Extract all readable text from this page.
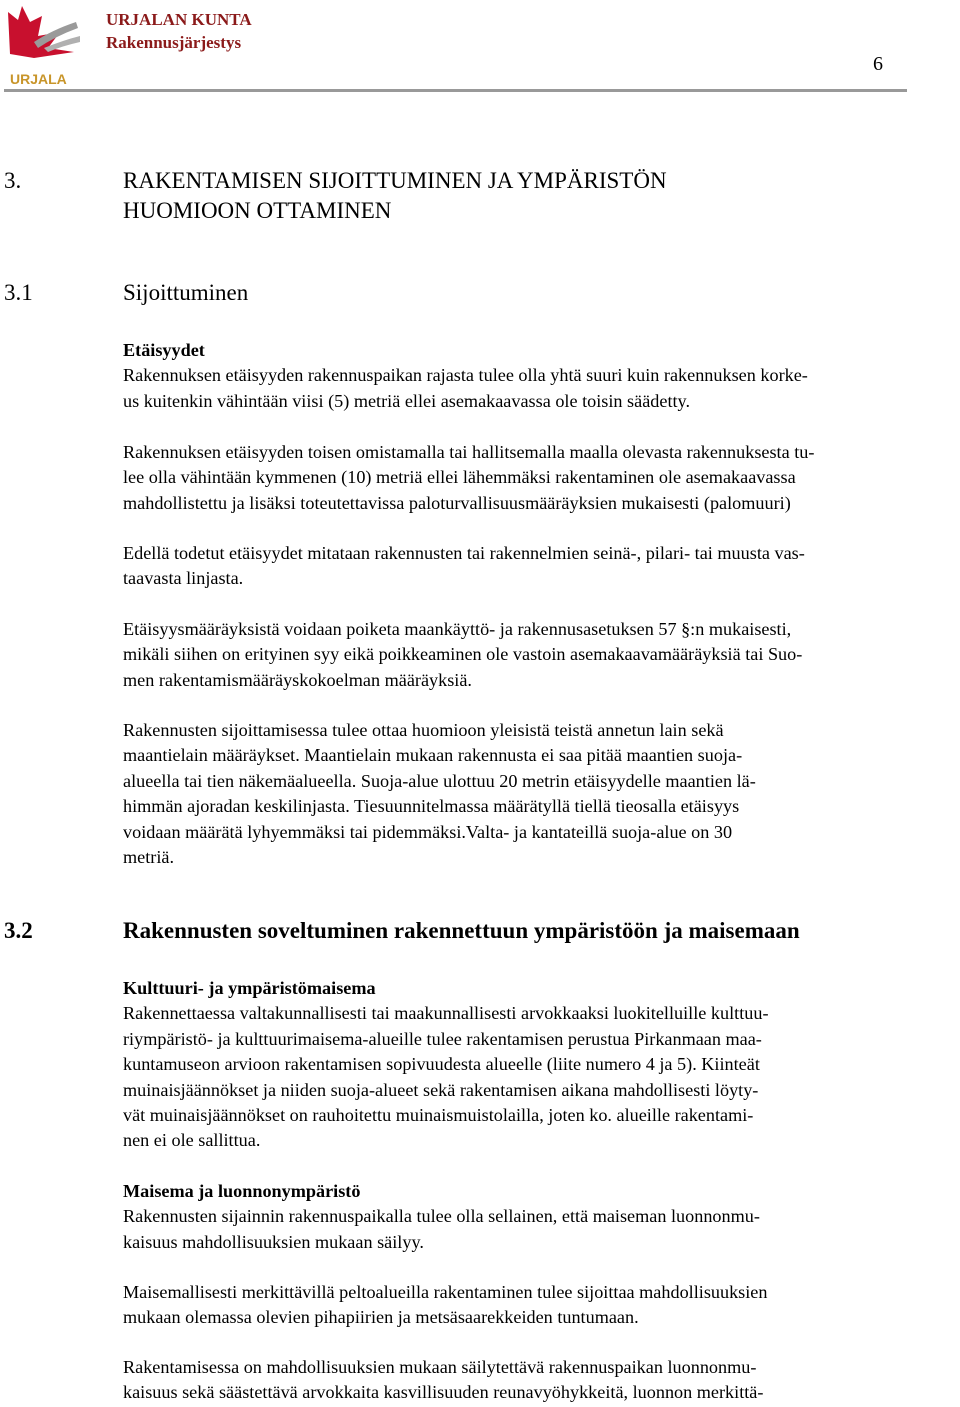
URJALA
URJALAN KUNTA
Rakennusjärjestys
6
3.	RAKENTAMISEN SIJOITTUMINEN JA YMPÄRISTÖN
HUOMIOON OTTAMINEN
3.1	Sijoittuminen
Etäisyydet
Rakennuksen etäisyyden rakennuspaikan rajasta tulee olla yhtä suuri kuin rakennuksen korke-
us kuitenkin vähintään viisi (5) metriä ellei asemakaavassa ole toisin säädetty.
Rakennuksen etäisyyden toisen omistamalla tai hallitsemalla maalla olevasta rakennuksesta tu-
lee olla vähintään kymmenen (10) metriä ellei lähemmäksi rakentaminen ole asemakaavassa
mahdollistettu ja lisäksi toteutettavissa paloturvallisuusmääräyksien mukaisesti (palomuuri)
Edellä todetut etäisyydet mitataan rakennusten tai rakennelmien seinä-, pilari- tai muusta vas-
taavasta linjasta.
Etäisyysmääräyksistä voidaan poiketa maankäyttö- ja rakennusasetuksen 57 §:n mukaisesti,
mikäli siihen on erityinen syy eikä poikkeaminen ole vastoin asemakaavamääräyksiä tai Suo-
men rakentamismääräyskokoelman määräyksiä.
Rakennusten sijoittamisessa tulee ottaa huomioon yleisistä teistä annetun lain sekä
maantielain määräykset. Maantielain mukaan rakennusta ei saa pitää maantien suoja-
alueella tai tien näkemäalueella. Suoja-alue ulottuu 20 metrin etäisyydelle maantien lä-
himmän ajoradan keskilinjasta. Tiesuunnitelmassa määrätyllä tiellä tieosalla etäisyys
voidaan määrätä lyhyemmäksi tai pidemmäksi.Valta- ja kantateillä suoja-alue on 30
metriä.
3.2	Rakennusten soveltuminen rakennettuun ympäristöön ja maisemaan
Kulttuuri- ja ympäristömaisema
Rakennettaessa valtakunnallisesti tai maakunnallisesti arvokkaaksi luokitelluille kulttuu-
riympäristö- ja kulttuurimaisema-alueille tulee rakentamisen perustua Pirkanmaan maa-
kuntamuseon arvioon rakentamisen sopivuudesta alueelle (liite numero 4 ja 5). Kiinteät
muinaisjäännökset ja niiden suoja-alueet sekä rakentamisen aikana mahdollisesti löyty-
vät muinaisjäännökset on rauhoitettu muinaismuistolailla, joten ko. alueille rakentami-
nen ei ole sallittua.
Maisema ja luonnonympäristö
Rakennusten sijainnin rakennuspaikalla tulee olla sellainen, että maiseman luonnonmu-
kaisuus mahdollisuuksien mukaan säilyy.
Maisemallisesti merkittävillä peltoalueilla rakentaminen tulee sijoittaa mahdollisuuksien
mukaan olemassa olevien pihapiirien ja metsäsaarekkeiden tuntumaan.
Rakentamisessa on mahdollisuuksien mukaan säilytettävä rakennuspaikan luonnonmu-
kaisuus sekä säästettävä arvokkaita kasvillisuuden reunavyöhykkeitä, luonnon merkittä-
